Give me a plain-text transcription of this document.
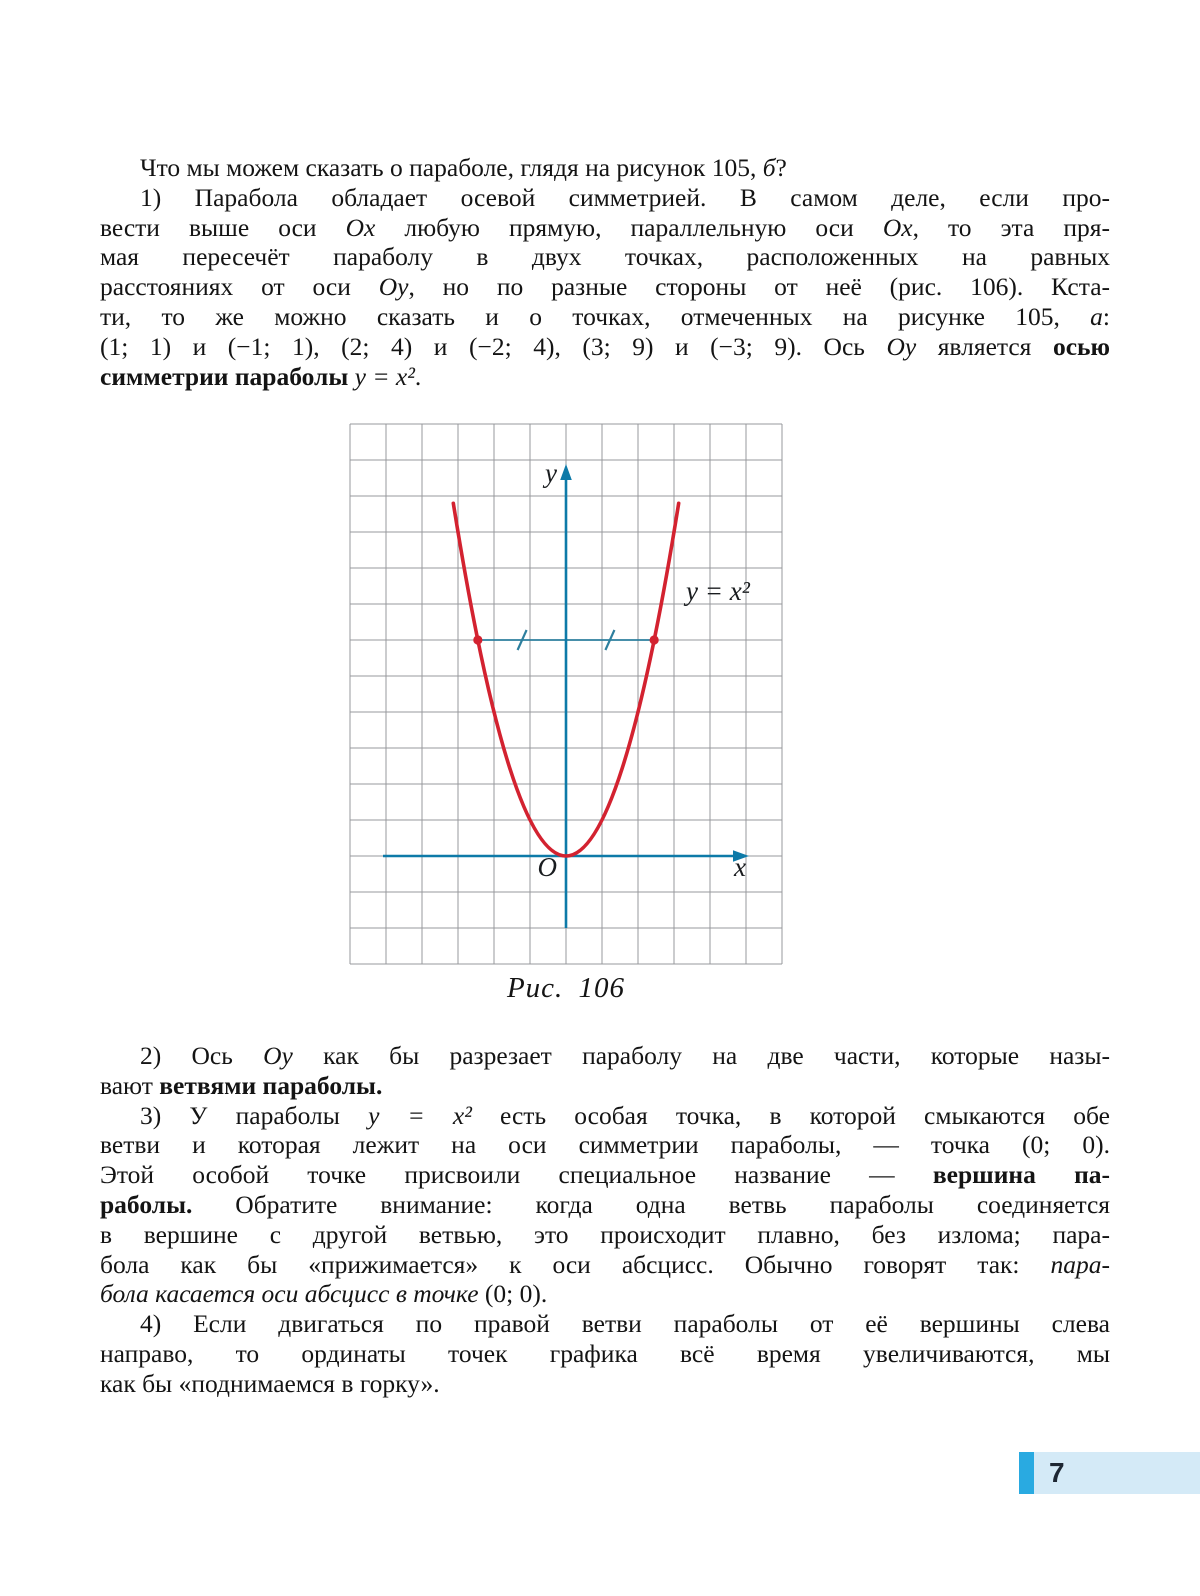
Что мы можем сказать о параболе, глядя на рисунок 105, б?
1) Парабола обладает осевой симметрией. В самом деле, если про-
вести выше оси Ox любую прямую, параллельную оси Ox, то эта пря-
мая пересечёт параболу в двух точках, расположенных на равных
расстояниях от оси Oy, но по разные стороны от неё (рис. 106). Кста-
ти, то же можно сказать и о точках, отмеченных на рисунке 105, а:
(1; 1) и (−1; 1), (2; 4) и (−2; 4), (3; 9) и (−3; 9). Ось Oy является осью
симметрии параболы y = x².
y
x
O
y = x²
Рис. 106
2) Ось Oy как бы разрезает параболу на две части, которые назы-
вают ветвями параболы.
3) У параболы y = x² есть особая точка, в которой смыкаются обе
ветви и которая лежит на оси симметрии параболы, — точка (0; 0).
Этой особой точке присвоили специальное название — вершина па-
раболы. Обратите внимание: когда одна ветвь параболы соединяется
в вершине с другой ветвью, это происходит плавно, без излома; пара-
бола как бы «прижимается» к оси абсцисс. Обычно говорят так: пара-
бола касается оси абсцисс в точке (0; 0).
4) Если двигаться по правой ветви параболы от её вершины слева
направо, то ординаты точек графика всё время увеличиваются, мы
как бы «поднимаемся в горку».
7
